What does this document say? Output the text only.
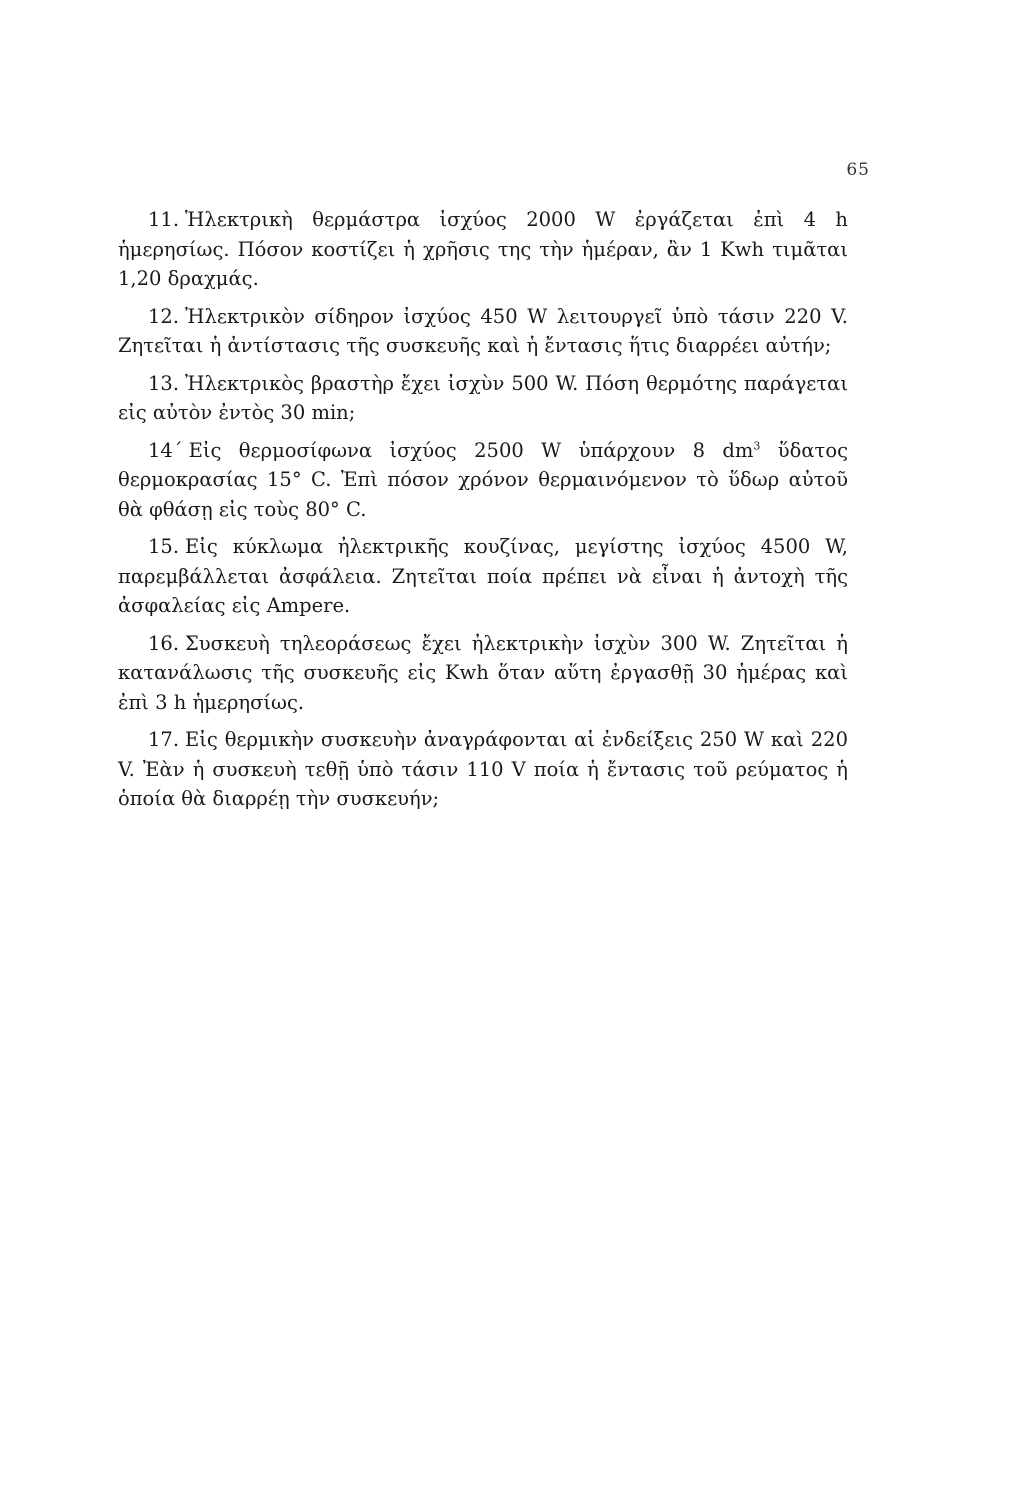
65

11. Ἡλεκτρικὴ θερμάστρα ἰσχύος 2000 W ἐργάζεται ἐπὶ 4 h ἡμερησίως. Πόσον κοστίζει ἡ χρῆσις της τὴν ἡμέραν, ἂν 1 Kwh τιμᾶται 1,20 δραχμάς.

12. Ἠλεκτρικὸν σίδηρον ἰσχύος 450 W λειτουργεῖ ὑπὸ τάσιν 220 V. Ζητεῖται ἡ ἀντίστασις τῆς συσκευῆς καὶ ἡ ἔντασις ἥτις διαρρέει αὐτήν;

13. Ἠλεκτρικὸς βραστὴρ ἔχει ἰσχὺν 500 W. Πόση θερμότης παράγεται εἰς αὐτὸν ἐντὸς 30 min;

14΄ Εἰς θερμοσίφωνα ἰσχύος 2500 W ὑπάρχουν 8 $dm^3$ ὕδατος θερμοκρασίας 15° C. Ἐπὶ πόσον χρόνον θερμαινόμενον τὸ ὕδωρ αὐτοῦ θὰ φθάσῃ εἰς τοὺς 80° C.

15. Εἰς κύκλωμα ἠλεκτρικῆς κουζίνας, μεγίστης ἰσχύος 4500 W, παρεμβάλλεται ἀσφάλεια. Ζητεῖται ποία πρέπει νὰ εἶναι ἡ ἀντοχὴ τῆς ἀσφαλείας εἰς Ampere.

16. Συσκευὴ τηλεοράσεως ἔχει ἠλεκτρικὴν ἰσχὺν 300 W. Ζητεῖται ἡ κατανάλωσις τῆς συσκευῆς εἰς Kwh ὅταν αὕτη ἐργασθῇ 30 ἡμέρας καὶ ἐπὶ 3 h ἡμερησίως.

17. Εἰς θερμικὴν συσκευὴν ἀναγράφονται αἱ ἐνδείξεις 250 W καὶ 220 V. Ἐὰν ἡ συσκευὴ τεθῇ ὑπὸ τάσιν 110 V ποία ἡ ἔντασις τοῦ ρεύματος ἡ ὁποία θὰ διαρρέῃ τὴν συσκευήν;
